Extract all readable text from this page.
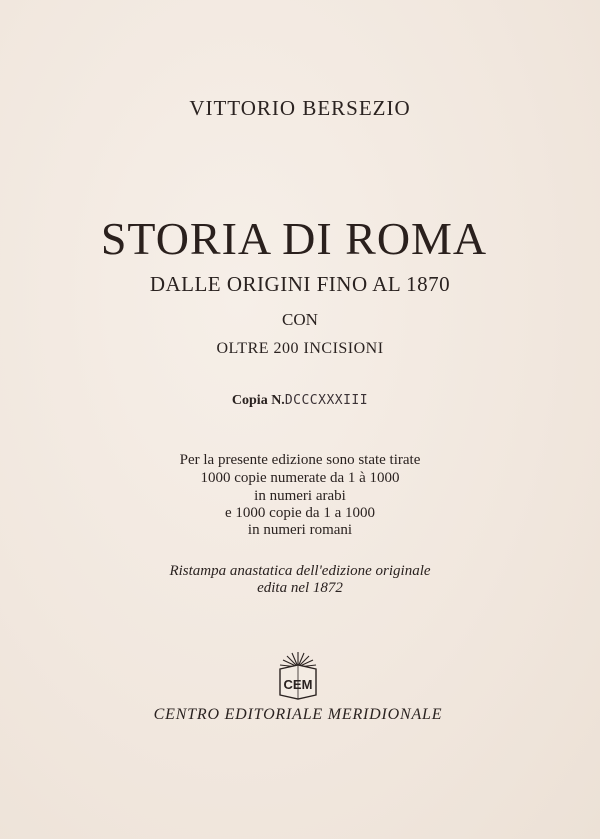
VITTORIO BERSEZIO
STORIA DI ROMA
DALLE ORIGINI FINO AL 1870
CON
OLTRE 200 INCISIONI
Copia N.DCCCXXXIII
Per la presente edizione sono state tirate
1000 copie numerate da 1 à 1000
in numeri arabi
e 1000 copie da 1 a 1000
in numeri romani
Ristampa anastatica dell'edizione originale
edita nel 1872
CEM
CENTRO EDITORIALE MERIDIONALE
